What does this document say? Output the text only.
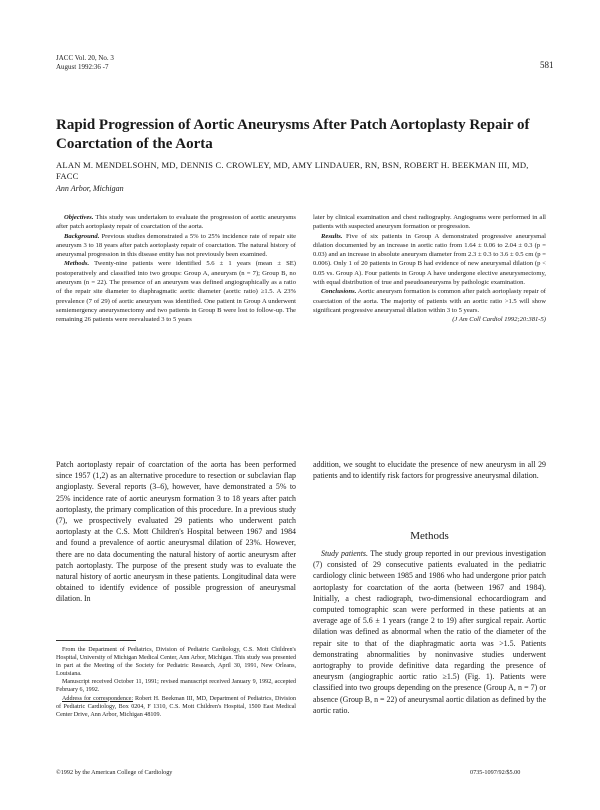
JACC Vol. 20, No. 3
August 1992:36 -7	581
Rapid Progression of Aortic Aneurysms After Patch Aortoplasty Repair of Coarctation of the Aorta
ALAN M. MENDELSOHN, MD, DENNIS C. CROWLEY, MD, AMY LINDAUER, RN, BSN, ROBERT H. BEEKMAN III, MD, FACC
Ann Arbor, Michigan

Objectives. This study was undertaken to evaluate the progression of aortic aneurysms after patch aortoplasty repair of coarctation of the aorta.

Background. Previous studies demonstrated a 5% to 25% incidence rate of repair site aneurysm 3 to 18 years after patch aortoplasty repair of coarctation. The natural history of aneurysmal progression in this disease entity has not previously been examined.

Methods. Twenty-nine patients were identified 5.6 ± 1 years (mean ± SE) postoperatively and classified into two groups: Group A, aneurysm (n = 7); Group B, no aneurysm (n = 22). The presence of an aneurysm was defined angiographically as a ratio of the repair site diameter to diaphragmatic aortic diameter (aortic ratio) ≥1.5. A 23% prevalence (7 of 29) of aortic aneurysm was identified. One patient in Group A underwent semiemergency aneurysmectomy and two patients in Group B were lost to follow-up. The remaining 26 patients were reevaluated 3 to 5 years

later by clinical examination and chest radiography. Angiograms were performed in all patients with suspected aneurysm formation or progression.

Results. Five of six patients in Group A demonstrated progressive aneurysmal dilation documented by an increase in aortic ratio from 1.64 ± 0.06 to 2.04 ± 0.3 (p = 0.03) and an increase in absolute aneurysm diameter from 2.3 ± 0.3 to 3.6 ± 0.5 cm (p = 0.006). Only 1 of 20 patients in Group B had evidence of new aneurysmal dilation (p < 0.05 vs. Group A). Four patients in Group A have undergone elective aneurysmectomy, with equal distribution of true and pseudoaneurysms by pathologic examination.

Conclusions. Aortic aneurysm formation is common after patch aortoplasty repair of coarctation of the aorta. The majority of patients with an aortic ratio >1.5 will show significant progressive aneurysmal dilation within 3 to 5 years.

(J Am Coll Cardiol 1992;20:381-5)

Patch aortoplasty repair of coarctation of the aorta has been performed since 1957 (1,2) as an alternative procedure to resection or subclavian flap angioplasty. Several reports (3–6), however, have demonstrated a 5% to 25% incidence rate of aortic aneurysm formation 3 to 18 years after patch aortoplasty, the primary complication of this procedure. In a previous study (7), we prospectively evaluated 29 patients who underwent patch aortoplasty at the C.S. Mott Children's Hospital between 1967 and 1984 and found a prevalence of aortic aneurysmal dilation of 23%. However, there are no data documenting the natural history of aortic aneurysm after patch aortoplasty. The purpose of the present study was to evaluate the natural history of aortic aneurysm in these patients. Longitudinal data were obtained to identify evidence of possible progression of aneurysmal dilation. In

addition, we sought to elucidate the presence of new aneurysm in all 29 patients and to identify risk factors for progressive aneurysmal dilation.

Methods

Study patients. The study group reported in our previous investigation (7) consisted of 29 consecutive patients evaluated in the pediatric cardiology clinic between 1985 and 1986 who had undergone prior patch aortoplasty for coarctation of the aorta (between 1967 and 1984). Initially, a chest radiograph, two-dimensional echocardiogram and computed tomographic scan were performed in these patients at an average age of 5.6 ± 1 years (range 2 to 19) after surgical repair. Aortic dilation was defined as abnormal when the ratio of the diameter of the repair site to that of the diaphragmatic aorta was >1.5. Patients demonstrating abnormalities by noninvasive studies underwent aortography to provide definitive data regarding the presence of aneurysm (angiographic aortic ratio ≥1.5) (Fig. 1). Patients were classified into two groups depending on the presence (Group A, n = 7) or absence (Group B, n = 22) of aneurysmal aortic dilation as defined by the aortic ratio.

From the Department of Pediatrics, Division of Pediatric Cardiology, C.S. Mott Children's Hospital, University of Michigan Medical Center, Ann Arbor, Michigan. This study was presented in part at the Meeting of the Society for Pediatric Research, April 30, 1991, New Orleans, Louisiana.

Manuscript received October 11, 1991; revised manuscript received January 9, 1992, accepted February 6, 1992.

Address for correspondence: Robert H. Beekman III, MD, Department of Pediatrics, Division of Pediatric Cardiology, Box 0204, F 1310, C.S. Mott Children's Hospital, 1500 East Medical Center Drive, Ann Arbor, Michigan 48109.

©1992 by the American College of Cardiology	0735-1097/92/$5.00
